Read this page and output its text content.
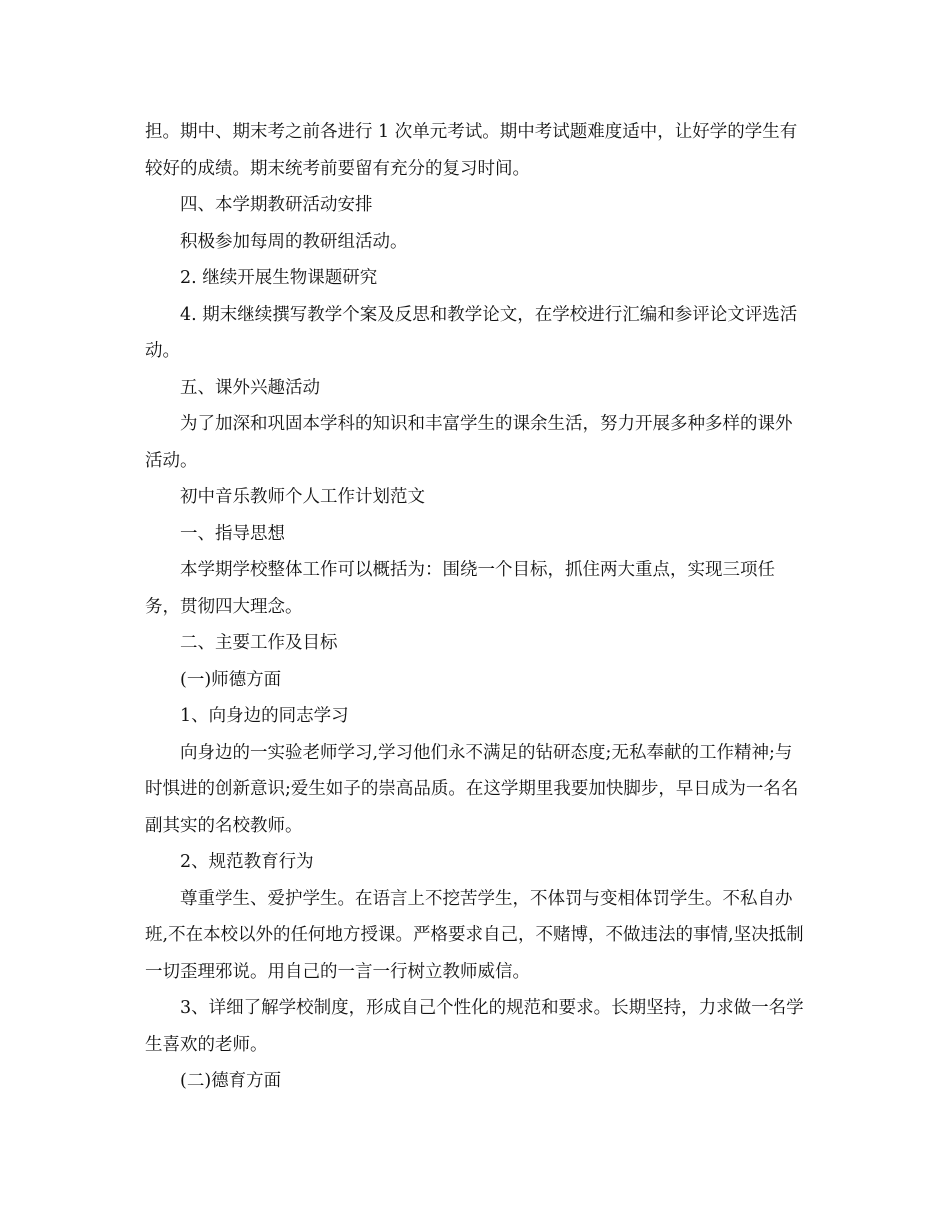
担。期中、期末考之前各进行 1 次单元考试。期中考试题难度适中，让好学的学生有较好的成绩。期末统考前要留有充分的复习时间。

四、本学期教研活动安排

积极参加每周的教研组活动。

2. 继续开展生物课题研究

4. 期末继续撰写教学个案及反思和教学论文，在学校进行汇编和参评论文评选活动。

五、课外兴趣活动

为了加深和巩固本学科的知识和丰富学生的课余生活，努力开展多种多样的课外活动。

初中音乐教师个人工作计划范文

一、指导思想

本学期学校整体工作可以概括为：围绕一个目标，抓住两大重点，实现三项任务，贯彻四大理念。

二、主要工作及目标

(一)师德方面

1、向身边的同志学习

向身边的一实验老师学习,学习他们永不满足的钻研态度;无私奉献的工作精神;与时惧进的创新意识;爱生如子的崇高品质。在这学期里我要加快脚步，早日成为一名名副其实的名校教师。

2、规范教育行为

尊重学生、爱护学生。在语言上不挖苦学生，不体罚与变相体罚学生。不私自办班,不在本校以外的任何地方授课。严格要求自己，不赌博，不做违法的事情,坚决抵制一切歪理邪说。用自己的一言一行树立教师威信。

3、详细了解学校制度，形成自己个性化的规范和要求。长期坚持，力求做一名学生喜欢的老师。

(二)德育方面
